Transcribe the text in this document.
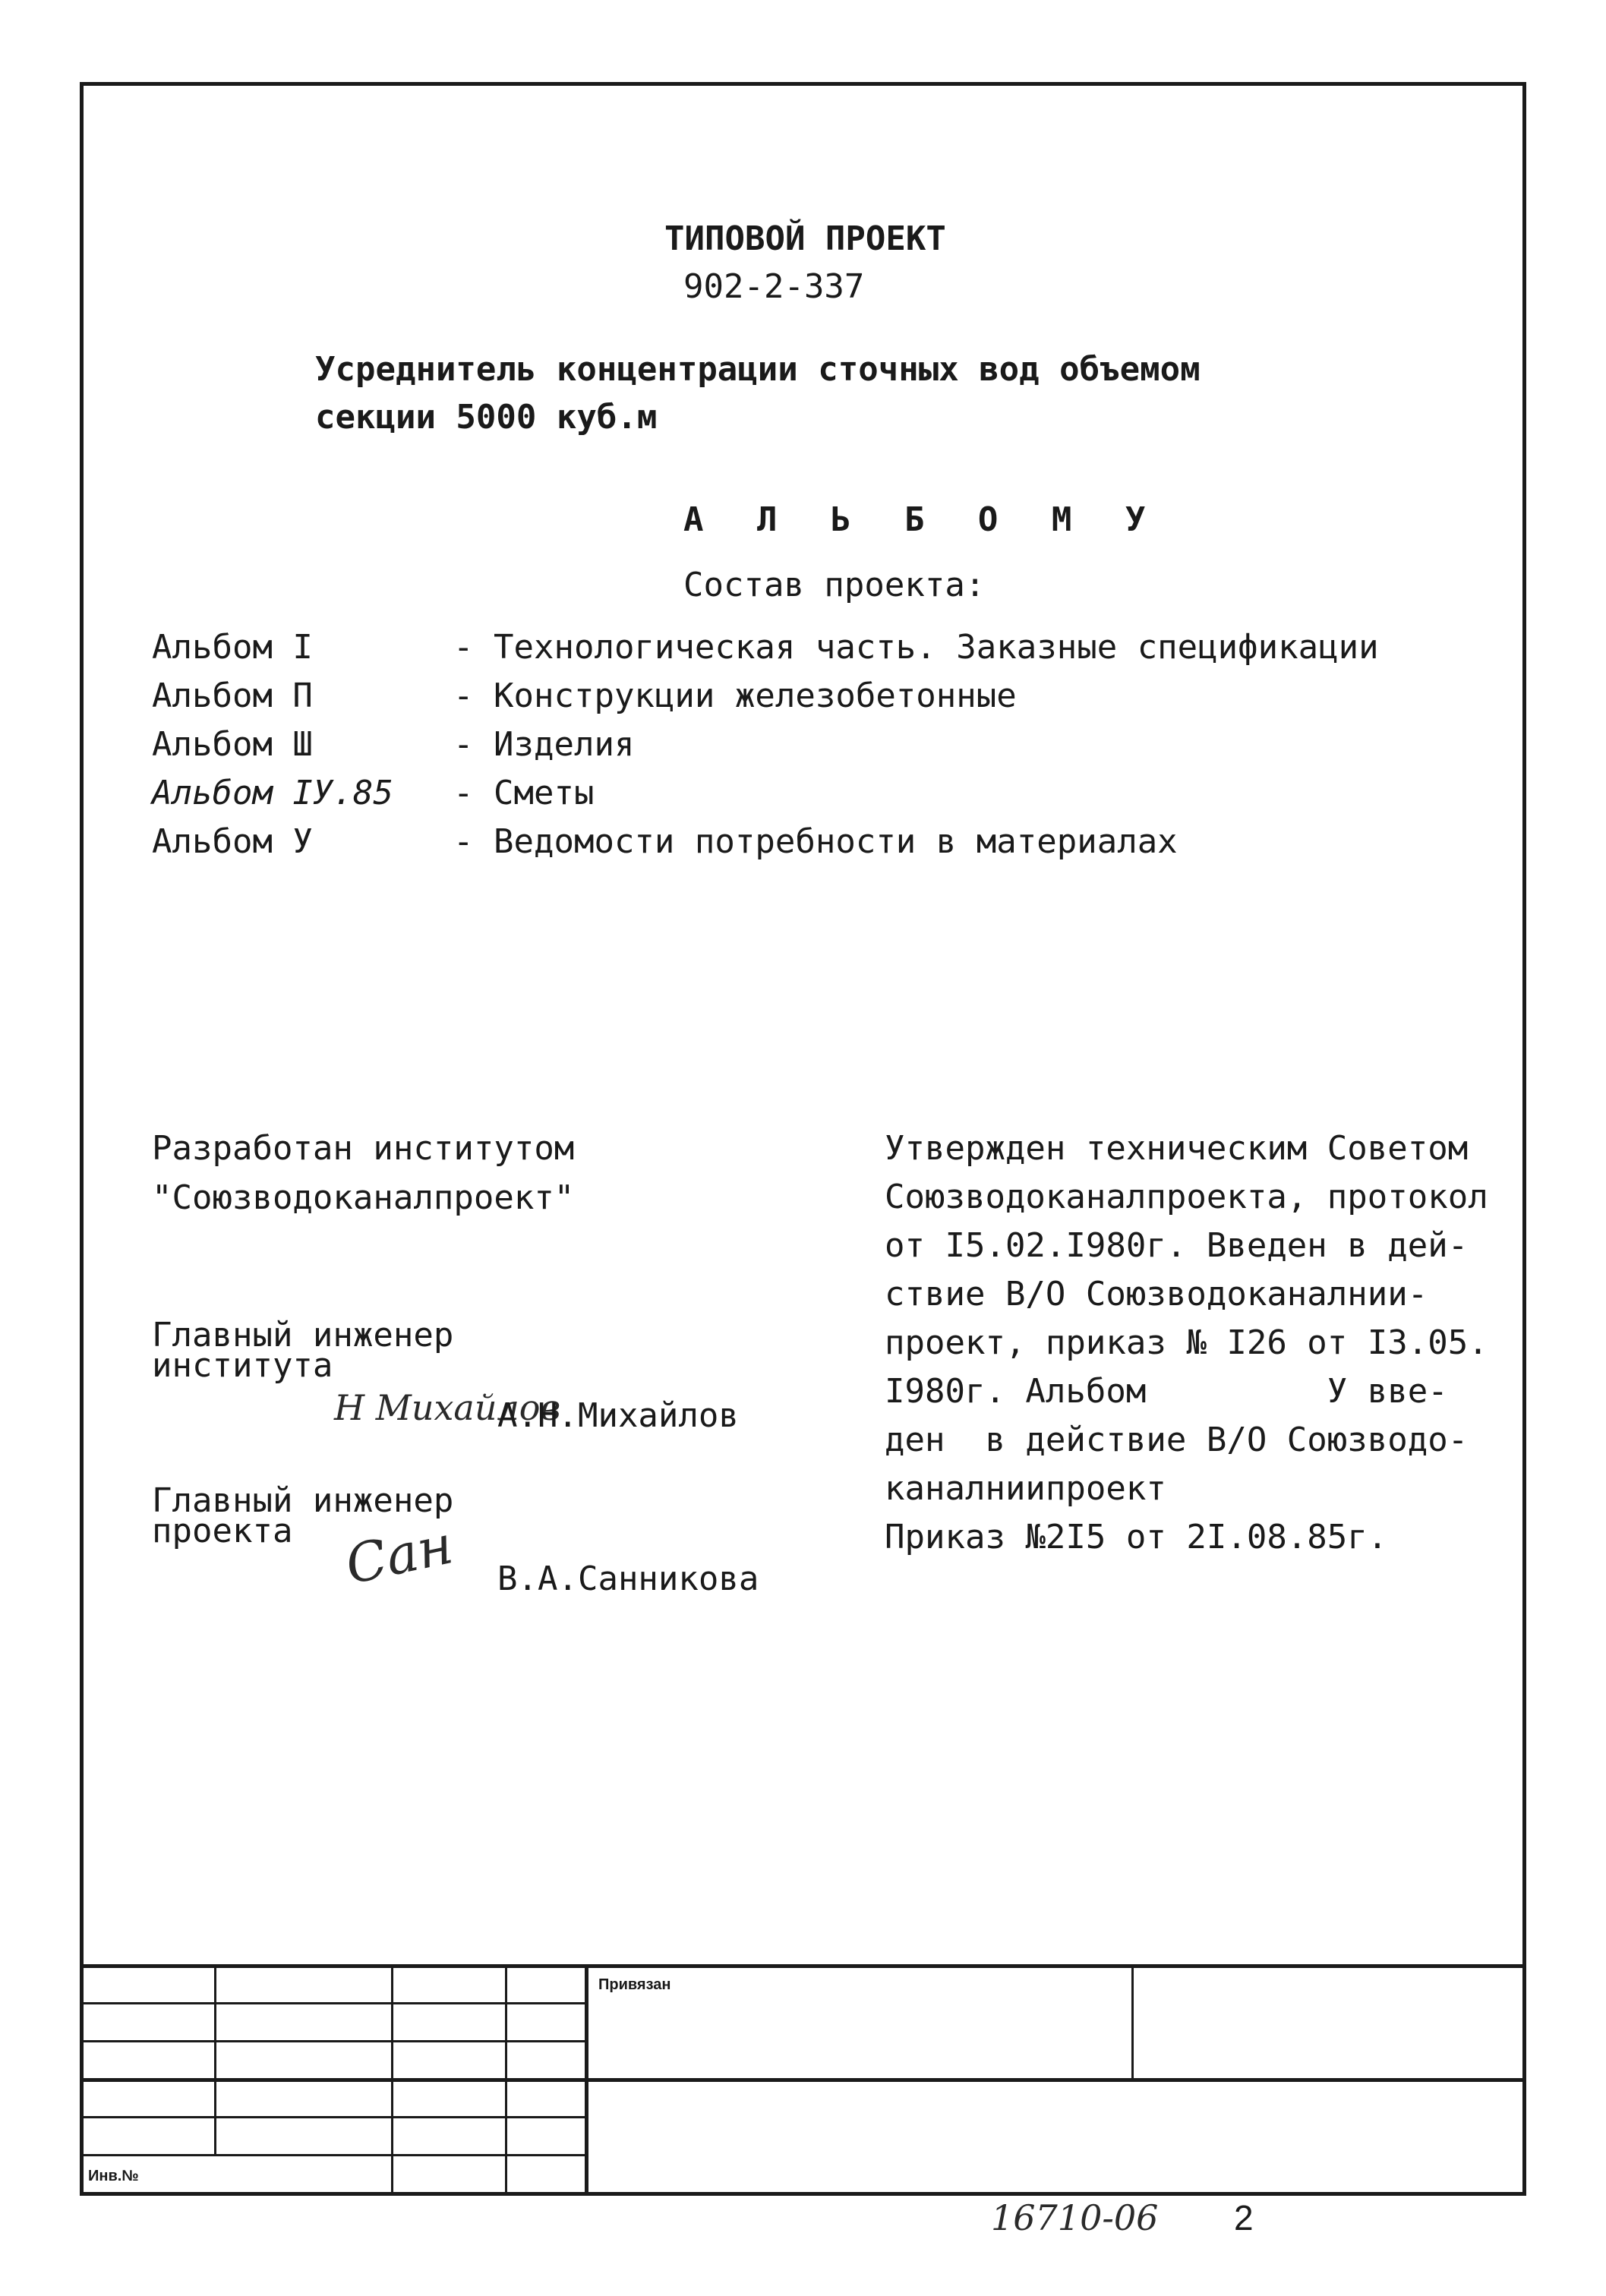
ТИПОВОЙ ПРОЕКТ
902-2-337
Усреднитель концентрации сточных вод объемом
секции 5000 куб.м
А Л Ь Б О М У
Состав проекта:
Альбом I	- Технологическая часть. Заказные спецификации
Альбом П	- Конструкции железобетонные
Альбом Ш	- Изделия
Альбом IУ.85 - Сметы
Альбом У	- Ведомости потребности в материалах
Разработан институтом
"Союзводоканалпроект"
Главный инженер
института
Н Михайлов
А.Н.Михайлов
Главный инженер
проекта Сан В.А.Санникова
Утвержден техническим Советом
Союзводоканалпроекта, протокол
от I5.02.I980г. Введен в дей-
ствие В/О Союзводоканалнии-
проект, приказ № I26 от I3.05.
I980г. Альбом         У вве-
ден  в действие В/О Союзводо-
каналниипроект
Приказ №2I5 от 2I.08.85г.
Привязан
Инв.№
16710-06 2
